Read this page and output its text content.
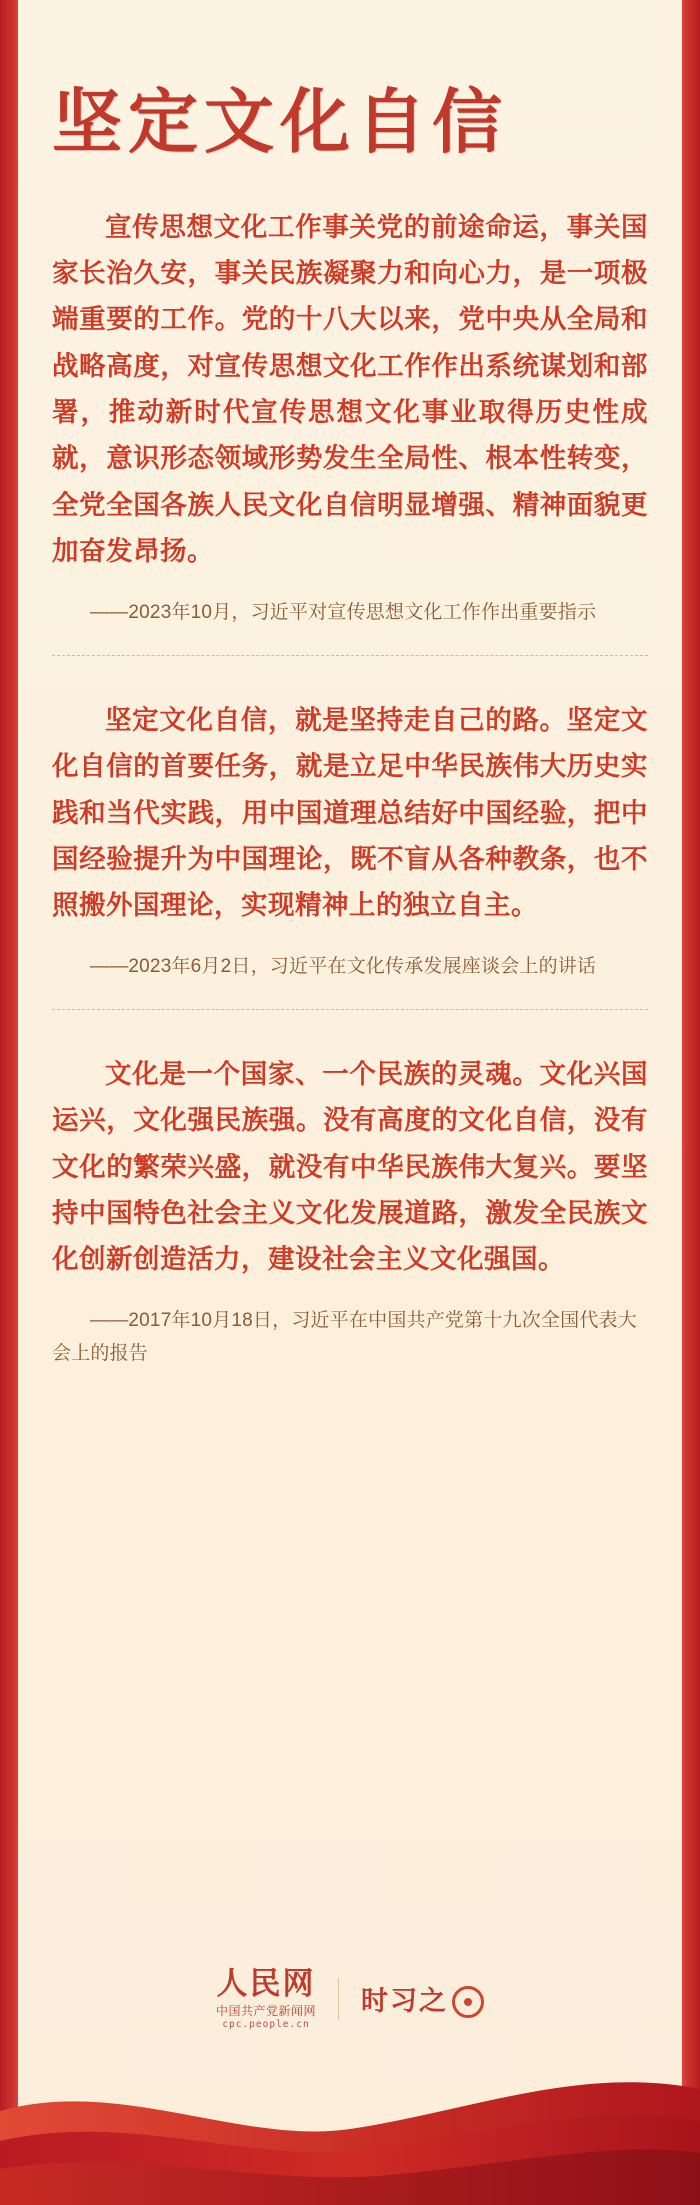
坚定文化自信

宣传思想文化工作事关党的前途命运，事关国家长治久安，事关民族凝聚力和向心力，是一项极端重要的工作。党的十八大以来，党中央从全局和战略高度，对宣传思想文化工作作出系统谋划和部署，推动新时代宣传思想文化事业取得历史性成就，意识形态领域形势发生全局性、根本性转变，全党全国各族人民文化自信明显增强、精神面貌更加奋发昂扬。

——2023年10月，习近平对宣传思想文化工作作出重要指示

坚定文化自信，就是坚持走自己的路。坚定文化自信的首要任务，就是立足中华民族伟大历史实践和当代实践，用中国道理总结好中国经验，把中国经验提升为中国理论，既不盲从各种教条，也不照搬外国理论，实现精神上的独立自主。

——2023年6月2日，习近平在文化传承发展座谈会上的讲话

文化是一个国家、一个民族的灵魂。文化兴国运兴，文化强民族强。没有高度的文化自信，没有文化的繁荣兴盛，就没有中华民族伟大复兴。要坚持中国特色社会主义文化发展道路，激发全民族文化创新创造活力，建设社会主义文化强国。

——2017年10月18日，习近平在中国共产党第十九次全国代表大会上的报告

人民网
中国共产党新闻网
cpc.people.cn
时习之
